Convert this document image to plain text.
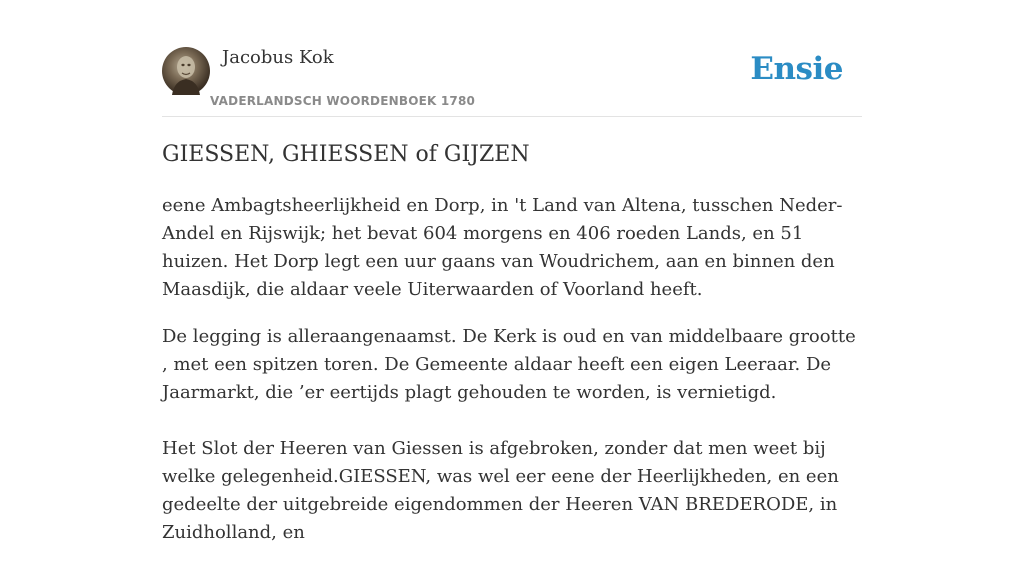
Jacobus Kok
VADERLANDSCH WOORDENBOEK 1780
Ensie
GIESSEN, GHIESSEN of GIJZEN

eene Ambagtsheerlijkheid en Dorp, in 't Land van Altena, tusschen Neder-Andel en Rijswijk; het bevat 604 morgens en 406 roeden Lands, en 51 huizen. Het Dorp legt een uur gaans van Woudrichem, aan en binnen den Maasdijk, die aldaar veele Uiterwaarden of Voorland heeft.

De legging is alleraangenaamst. De Kerk is oud en van middelbaare grootte , met een spitzen toren. De Gemeente aldaar heeft een eigen Leeraar. De Jaarmarkt, die ’er eertijds plagt gehouden te worden, is vernietigd.

Het Slot der Heeren van Giessen is afgebroken, zonder dat men weet bij welke gelegenheid.GIESSEN, was wel eer eene der Heerlijkheden, en een gedeelte der uitgebreide eigendommen der Heeren VAN BREDERODE, in Zuidholland, en
